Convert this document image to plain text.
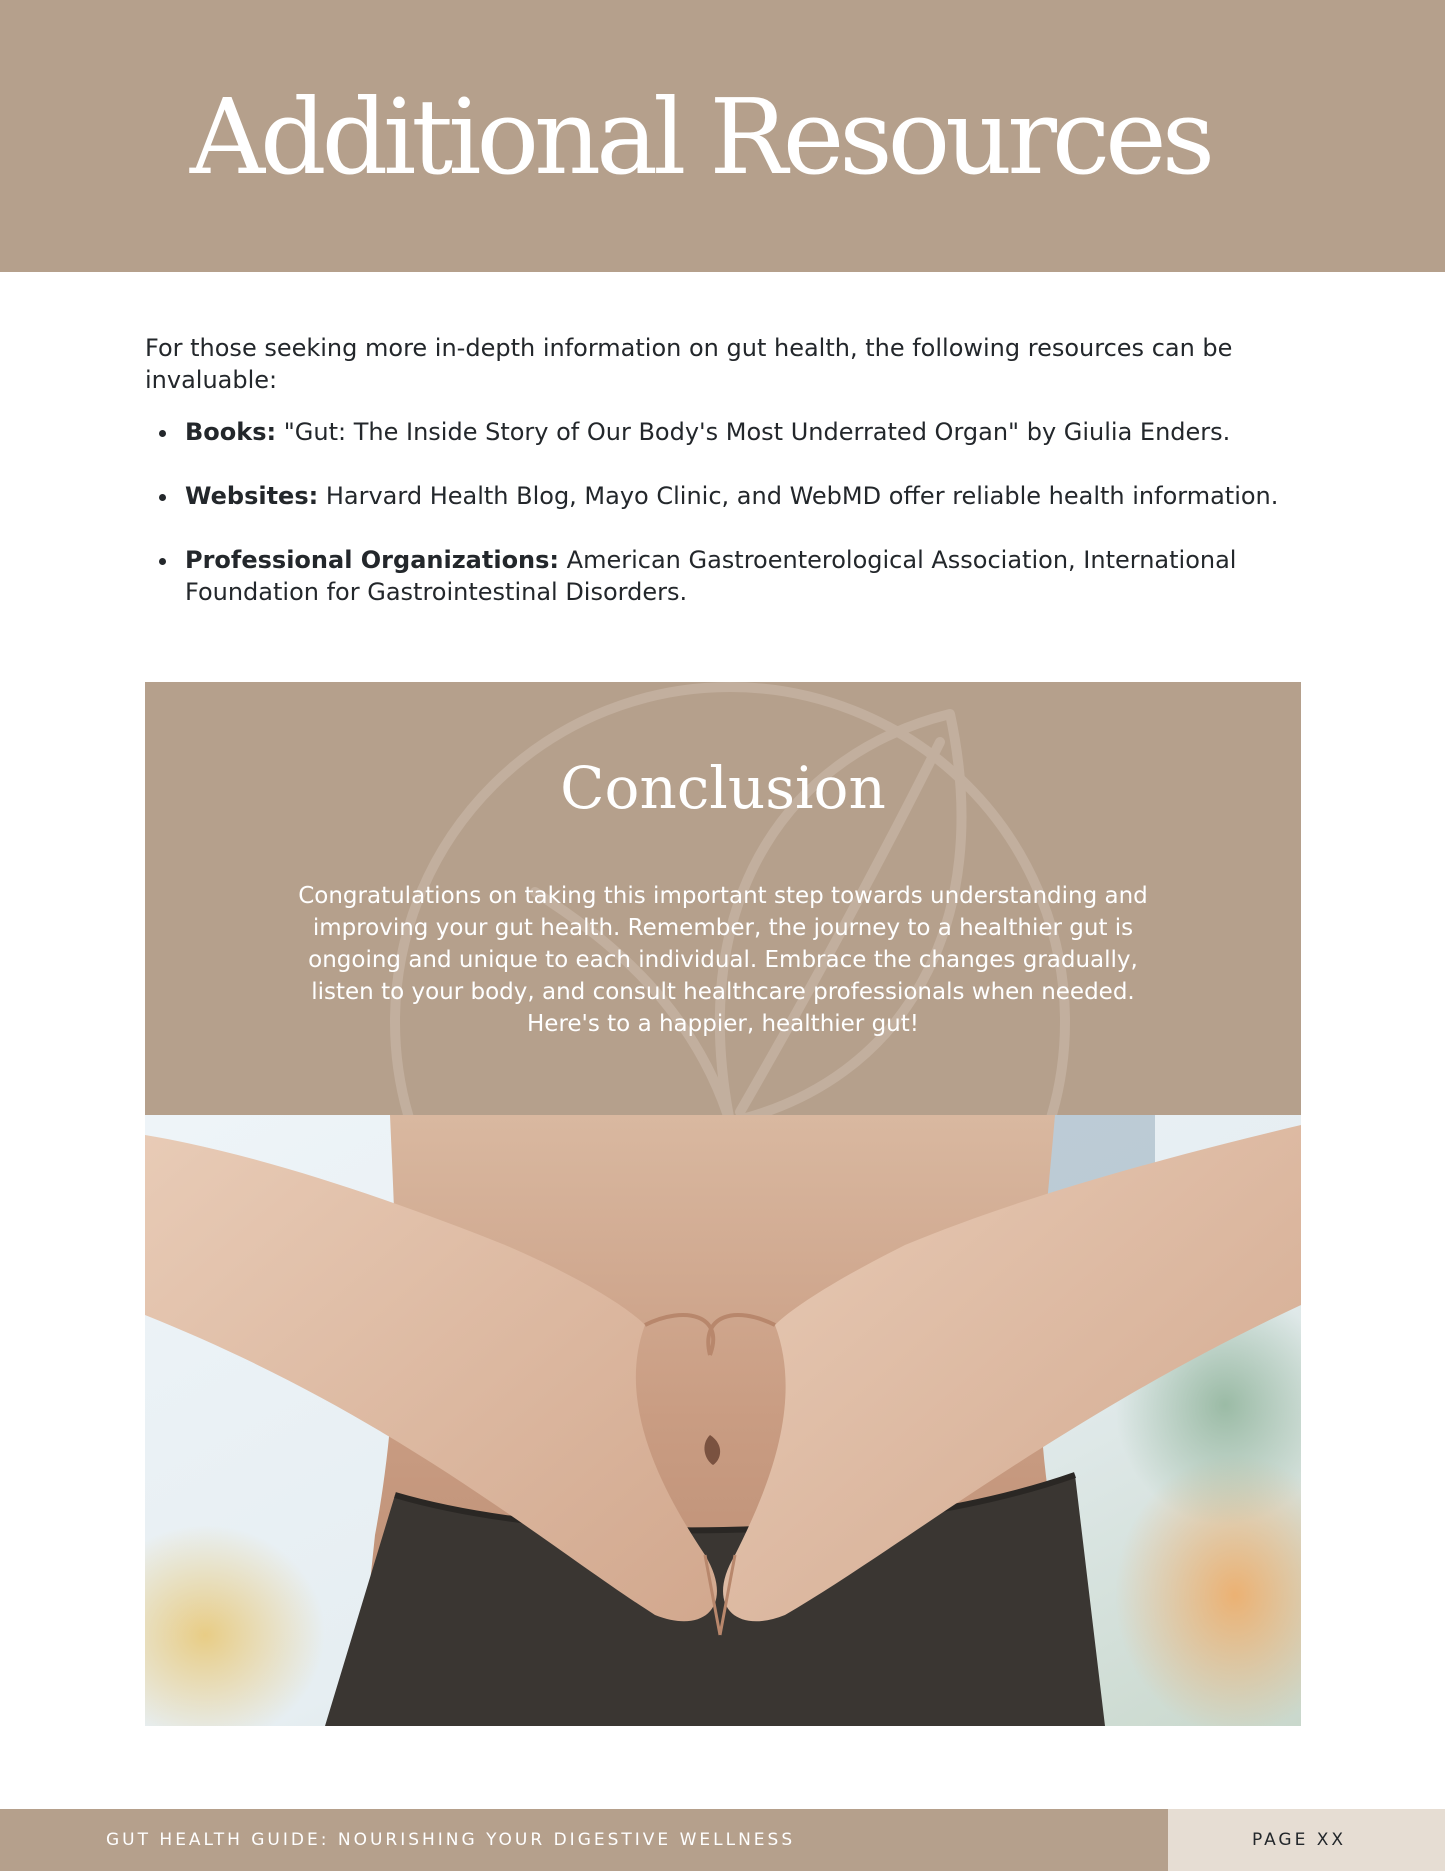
Additional Resources

For those seeking more in-depth information on gut health, the following resources can be invaluable:

Books: "Gut: The Inside Story of Our Body's Most Underrated Organ" by Giulia Enders.
Websites: Harvard Health Blog, Mayo Clinic, and WebMD offer reliable health information.
Professional Organizations: American Gastroenterological Association, International Foundation for Gastrointestinal Disorders.
Conclusion

Congratulations on taking this important step towards understanding and improving your gut health. Remember, the journey to a healthier gut is ongoing and unique to each individual. Embrace the changes gradually, listen to your body, and consult healthcare professionals when needed. Here's to a happier, healthier gut!

GUT HEALTH GUIDE: NOURISHING YOUR DIGESTIVE WELLNESS	PAGE XX
